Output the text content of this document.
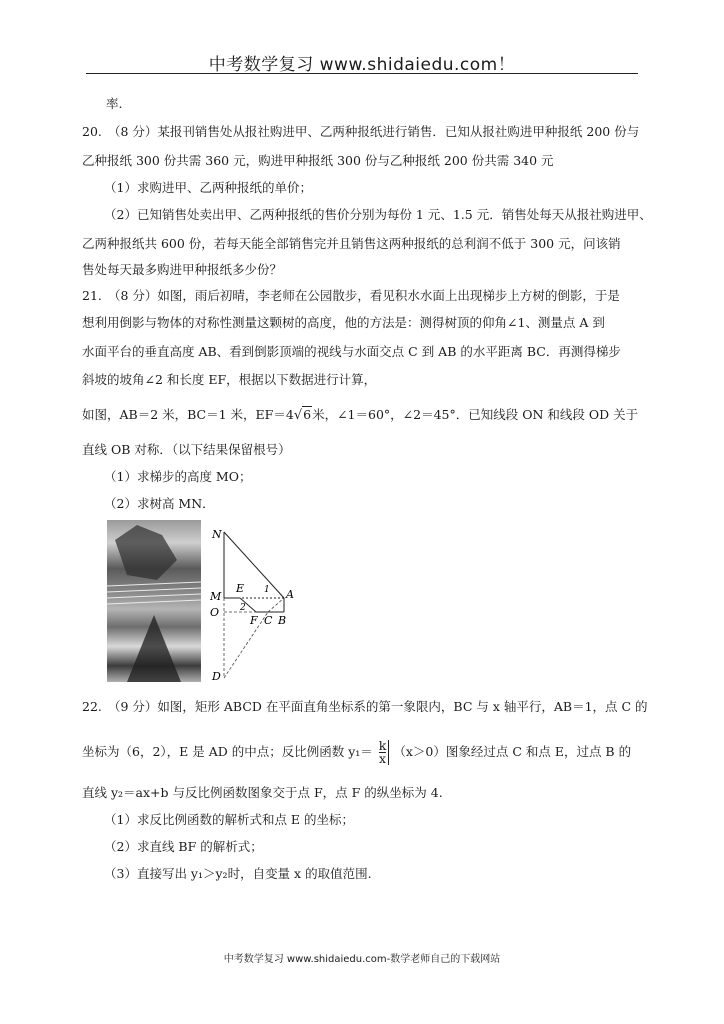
中考数学复习 www.shidaiedu.com！
率.
20. （8 分）某报刊销售处从报社购进甲、乙两种报纸进行销售．已知从报社购进甲种报纸 200 份与
乙种报纸 300 份共需 360 元，购进甲种报纸 300 份与乙种报纸 200 份共需 340 元
（1）求购进甲、乙两种报纸的单价；
（2）已知销售处卖出甲、乙两种报纸的售价分别为每份 1 元、1.5 元．销售处每天从报社购进甲、
乙两种报纸共 600 份，若每天能全部销售完并且销售这两种报纸的总利润不低于 300 元，问该销
售处每天最多购进甲种报纸多少份？
21. （8 分）如图，雨后初晴，李老师在公园散步，看见积水水面上出现梯步上方树的倒影，于是
想利用倒影与物体的对称性测量这颗树的高度，他的方法是：测得树顶的仰角∠1、测量点 A 到
水面平台的垂直高度 AB、看到倒影顶端的视线与水面交点 C 到 AB 的水平距离 BC．再测得梯步
斜坡的坡角∠2 和长度 EF，根据以下数据进行计算，
如图，AB＝2 米，BC＝1 米，EF＝4√6米，∠1＝60°，∠2＝45°．已知线段 ON 和线段 OD 关于
直线 OB 对称．（以下结果保留根号）
（1）求梯步的高度 MO；
（2）求树高 MN．
22. （9 分）如图，矩形 ABCD 在平面直角坐标系的第一象限内，BC 与 x 轴平行，AB＝1，点 C 的
坐标为（6，2），E 是 AD 的中点；反比例函数 $y_1= \frac{k}{x} (x>0)$图象经过点 C 和点 E，过点 B 的
直线 y₂＝ax+b 与反比例函数图象交于点 F，点 F 的纵坐标为 4.
（1）求反比例函数的解析式和点 E 的坐标；
（2）求直线 BF 的解析式；
（3）直接写出 y₁＞y₂时，自变量 x 的取值范围.
N
M
E
O
F C B
A
D
1
2
中考数学复习 www.shidaiedu.com-数学老师自己的下载网站
